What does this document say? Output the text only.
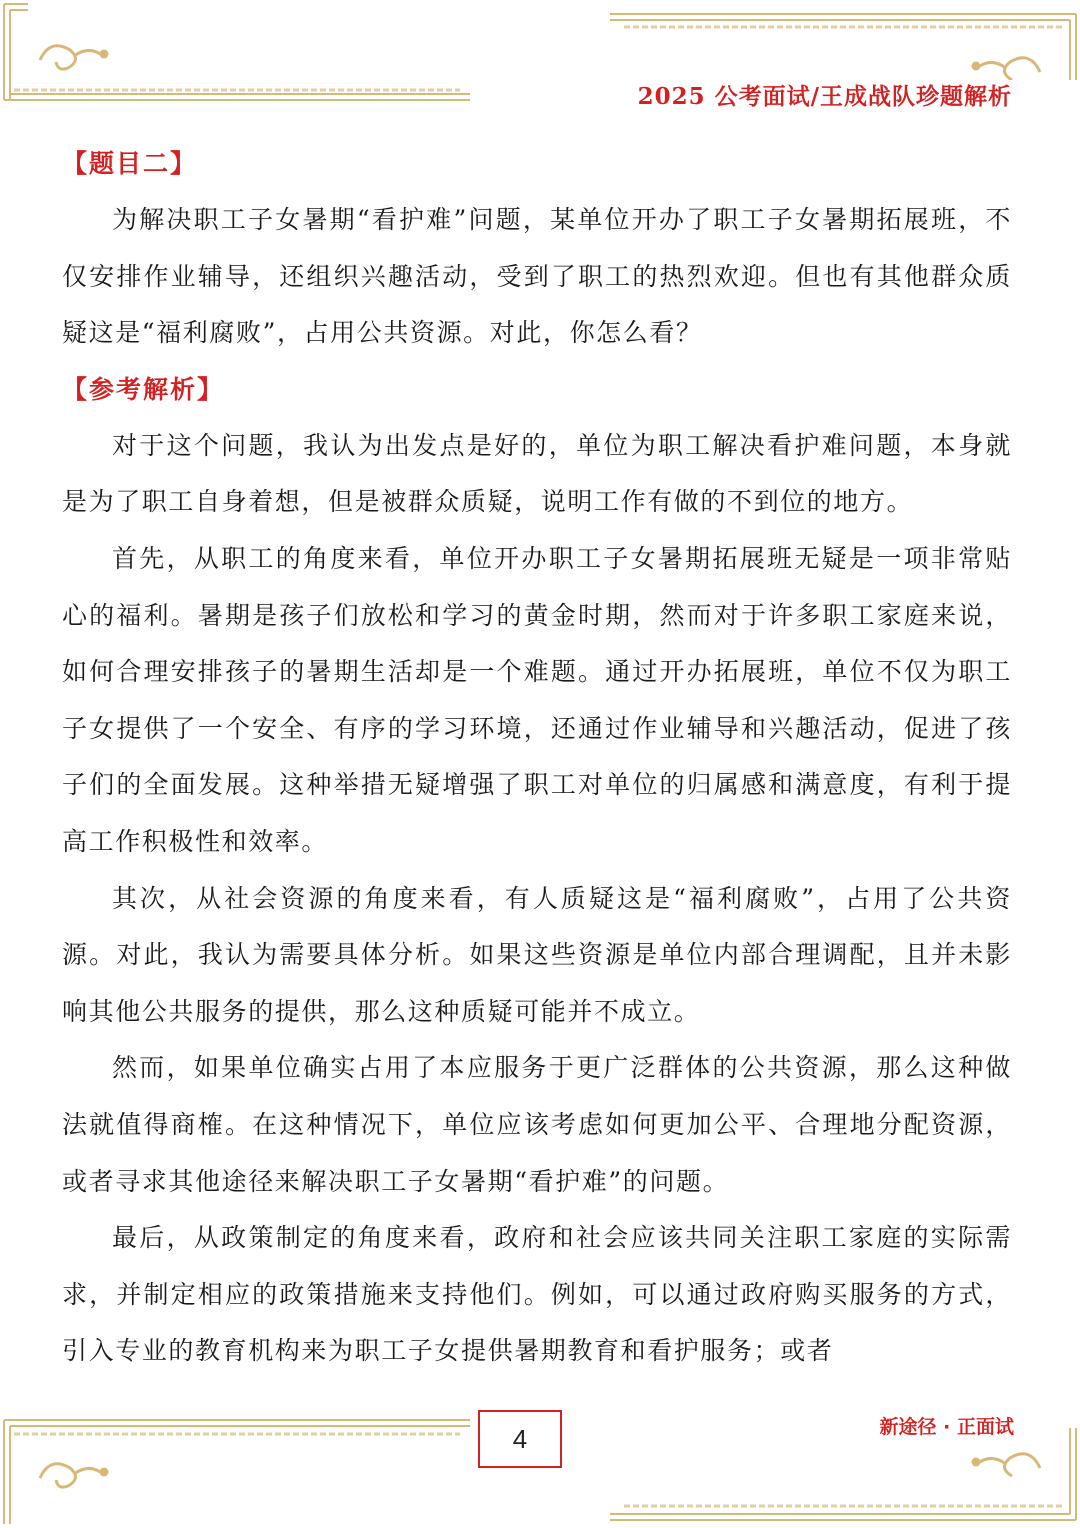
2025 公考面试/王成战队珍题解析
【题目二】

为解决职工子女暑期“看护难”问题，某单位开办了职工子女暑期拓展班，不仅安排作业辅导，还组织兴趣活动，受到了职工的热烈欢迎。但也有其他群众质疑这是“福利腐败”，占用公共资源。对此，你怎么看？

【参考解析】

对于这个问题，我认为出发点是好的，单位为职工解决看护难问题，本身就是为了职工自身着想，但是被群众质疑，说明工作有做的不到位的地方。

首先，从职工的角度来看，单位开办职工子女暑期拓展班无疑是一项非常贴心的福利。暑期是孩子们放松和学习的黄金时期，然而对于许多职工家庭来说，如何合理安排孩子的暑期生活却是一个难题。通过开办拓展班，单位不仅为职工子女提供了一个安全、有序的学习环境，还通过作业辅导和兴趣活动，促进了孩子们的全面发展。这种举措无疑增强了职工对单位的归属感和满意度，有利于提高工作积极性和效率。

其次，从社会资源的角度来看，有人质疑这是“福利腐败”，占用了公共资源。对此，我认为需要具体分析。如果这些资源是单位内部合理调配，且并未影响其他公共服务的提供，那么这种质疑可能并不成立。

然而，如果单位确实占用了本应服务于更广泛群体的公共资源，那么这种做法就值得商榷。在这种情况下，单位应该考虑如何更加公平、合理地分配资源，或者寻求其他途径来解决职工子女暑期“看护难”的问题。

最后，从政策制定的角度来看，政府和社会应该共同关注职工家庭的实际需求，并制定相应的政策措施来支持他们。例如，可以通过政府购买服务的方式，引入专业的教育机构来为职工子女提供暑期教育和看护服务；或者

4	新途径 · 正面试
